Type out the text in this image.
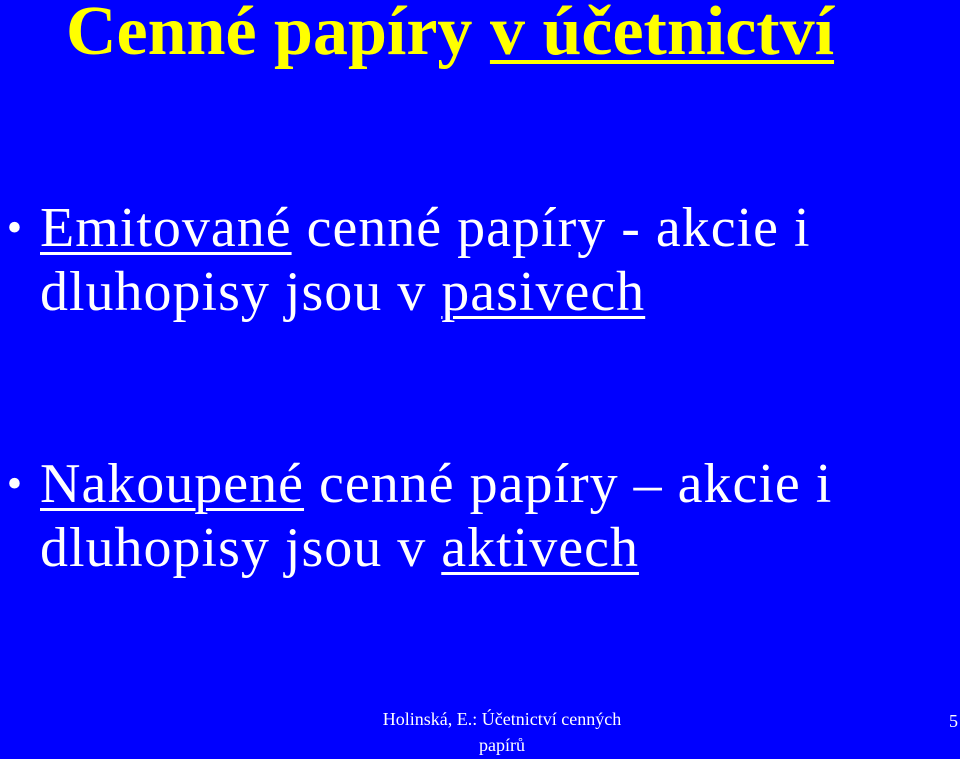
Cenné papíry v účetnictví
• Emitované cenné papíry - akcie i
dluhopisy jsou v pasivech
• Nakoupené cenné papíry – akcie i
dluhopisy jsou v aktivech
Holinská, E.: Účetnictví cenných
papírů
5
